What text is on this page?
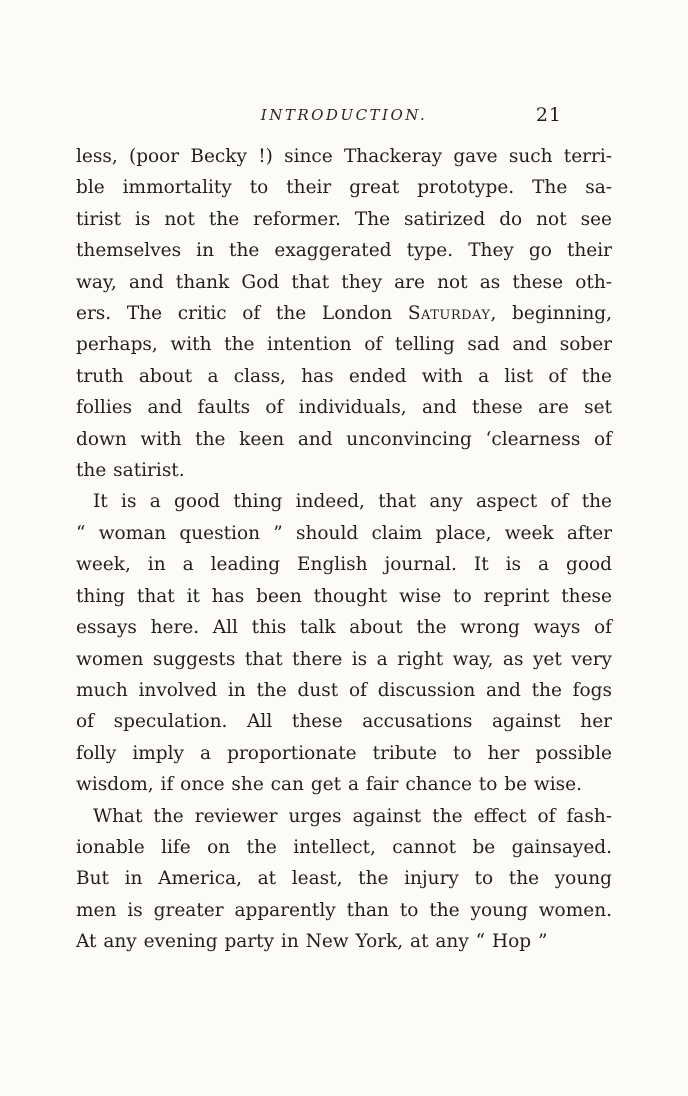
INTRODUCTION.	21
less, (poor Becky !) since Thackeray gave such terri-
ble immortality to their great prototype. The sa-
tirist is not the reformer. The satirized do not see
themselves in the exaggerated type. They go their
way, and thank God that they are not as these oth-
ers. The critic of the London Saturday, beginning,
perhaps, with the intention of telling sad and sober
truth about a class, has ended with a list of the
follies and faults of individuals, and these are set
down with the keen and unconvincing ‘clearness of
the satirist.
It is a good thing indeed, that any aspect of the
“ woman question ” should claim place, week after
week, in a leading English journal. It is a good
thing that it has been thought wise to reprint these
essays here. All this talk about the wrong ways of
women suggests that there is a right way, as yet very
much involved in the dust of discussion and the fogs
of speculation. All these accusations against her
folly imply a proportionate tribute to her possible
wisdom, if once she can get a fair chance to be wise.
What the reviewer urges against the effect of fash-
ionable life on the intellect, cannot be gainsayed.
But in America, at least, the injury to the young
men is greater apparently than to the young women.
At any evening party in New York, at any “ Hop ”
